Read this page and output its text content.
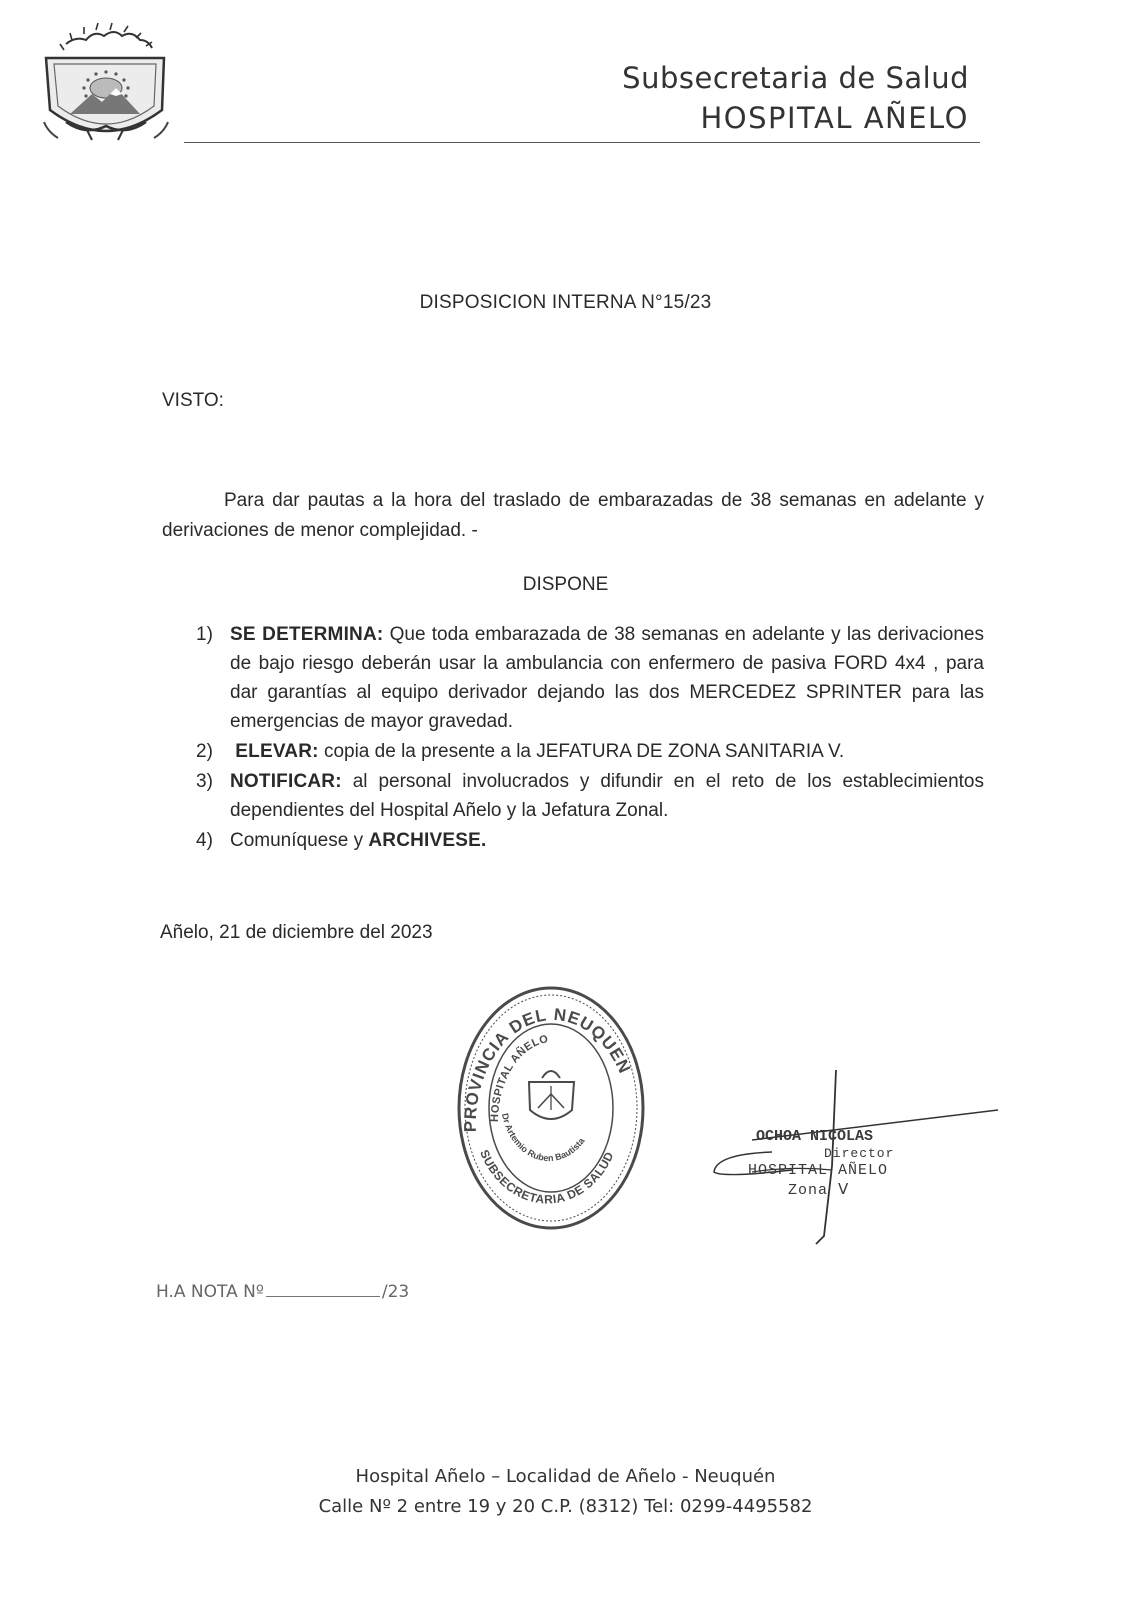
Subsecretaria de Salud
HOSPITAL AÑELO
DISPOSICION INTERNA N°15/23
VISTO:
Para dar pautas a la hora del traslado de embarazadas de 38 semanas en adelante y derivaciones de menor complejidad. -
DISPONE
1) SE DETERMINA: Que toda embarazada de 38 semanas en adelante y las derivaciones de bajo riesgo deberán usar la ambulancia con enfermero de pasiva FORD 4x4 , para dar garantías al equipo derivador dejando las dos MERCEDEZ SPRINTER para las emergencias de mayor gravedad.
2)	ELEVAR: copia de la presente a la JEFATURA DE ZONA SANITARIA V.
3) NOTIFICAR: al personal involucrados y difundir en el reto de los establecimientos dependientes del Hospital Añelo y la Jefatura Zonal.
4) Comuníquese y ARCHIVESE.
Añelo, 21 de diciembre del 2023
PROVINCIA DEL NEUQUEN
HOSPITAL AÑELO
SUBSECRETARIA DE SALUD
Dr Artemio Ruben Bautista	OCHOA NICOLAS
Director
HOSPITAL AÑELO
Zona Ⅴ
H.A NOTA Nº	/23
Hospital Añelo – Localidad de Añelo - Neuquén
Calle Nº 2 entre 19 y 20 C.P. (8312) Tel: 0299-4495582
